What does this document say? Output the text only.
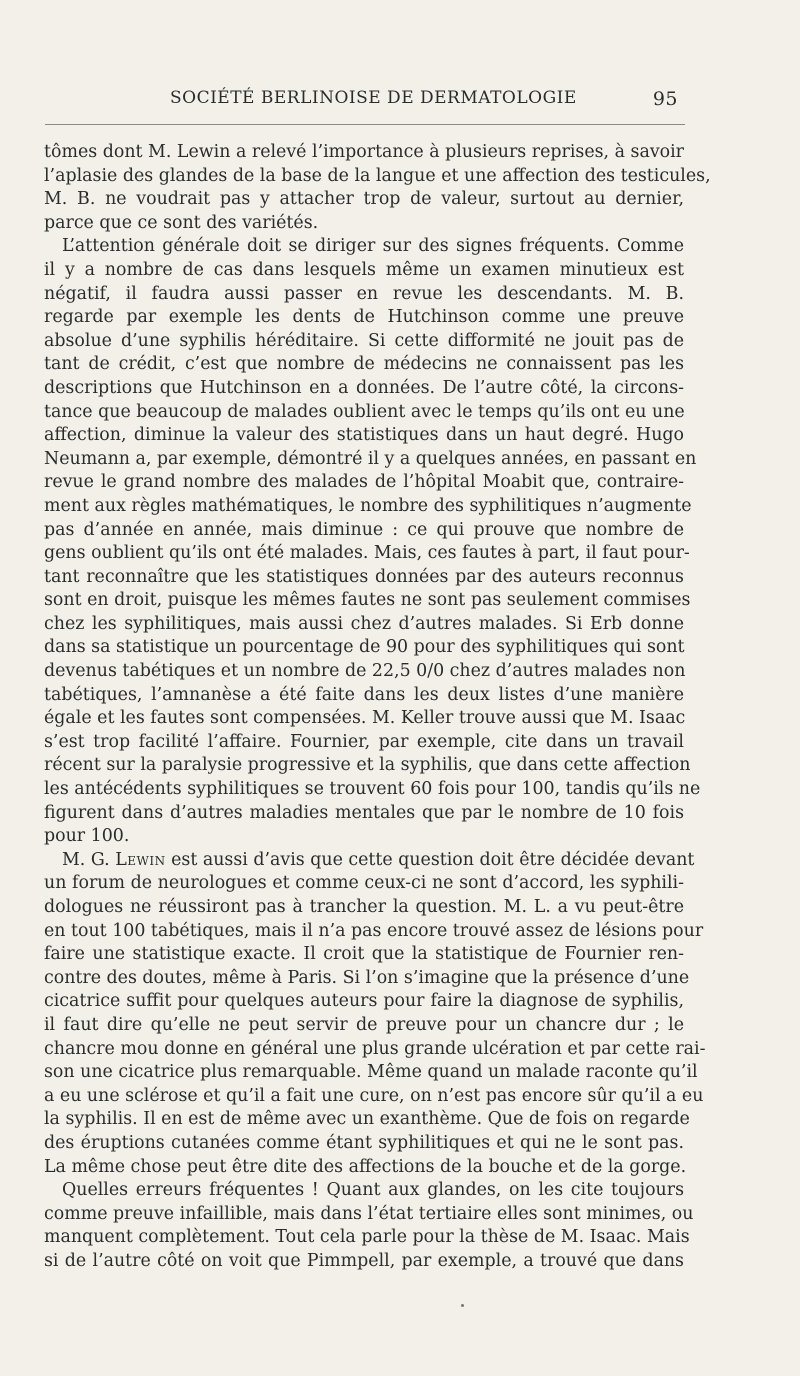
SOCIÉTÉ BERLINOISE DE DERMATOLOGIE	95
tômes dont M. Lewin a relevé l’importance à plusieurs reprises, à savoir
l’aplasie des glandes de la base de la langue et une affection des testicules,
M. B. ne voudrait pas y attacher trop de valeur, surtout au dernier,
parce que ce sont des variétés.
L’attention générale doit se diriger sur des signes fréquents. Comme
il y a nombre de cas dans lesquels même un examen minutieux est
négatif, il faudra aussi passer en revue les descendants. M. B.
regarde par exemple les dents de Hutchinson comme une preuve
absolue d’une syphilis héréditaire. Si cette difformité ne jouit pas de
tant de crédit, c’est que nombre de médecins ne connaissent pas les
descriptions que Hutchinson en a données. De l’autre côté, la circons-
tance que beaucoup de malades oublient avec le temps qu’ils ont eu une
affection, diminue la valeur des statistiques dans un haut degré. Hugo
Neumann a, par exemple, démontré il y a quelques années, en passant en
revue le grand nombre des malades de l’hôpital Moabit que, contraire-
ment aux règles mathématiques, le nombre des syphilitiques n’augmente
pas d’année en année, mais diminue : ce qui prouve que nombre de
gens oublient qu’ils ont été malades. Mais, ces fautes à part, il faut pour-
tant reconnaître que les statistiques données par des auteurs reconnus
sont en droit, puisque les mêmes fautes ne sont pas seulement commises
chez les syphilitiques, mais aussi chez d’autres malades. Si Erb donne
dans sa statistique un pourcentage de 90 pour des syphilitiques qui sont
devenus tabétiques et un nombre de 22,5 0/0 chez d’autres malades non
tabétiques, l’amnanèse a été faite dans les deux listes d’une manière
égale et les fautes sont compensées. M. Keller trouve aussi que M. Isaac
s’est trop facilité l’affaire. Fournier, par exemple, cite dans un travail
récent sur la paralysie progressive et la syphilis, que dans cette affection
les antécédents syphilitiques se trouvent 60 fois pour 100, tandis qu’ils ne
figurent dans d’autres maladies mentales que par le nombre de 10 fois
pour 100.
M. G. Lewin est aussi d’avis que cette question doit être décidée devant
un forum de neurologues et comme ceux-ci ne sont d’accord, les syphili-
dologues ne réussiront pas à trancher la question. M. L. a vu peut-être
en tout 100 tabétiques, mais il n’a pas encore trouvé assez de lésions pour
faire une statistique exacte. Il croit que la statistique de Fournier ren-
contre des doutes, même à Paris. Si l’on s’imagine que la présence d’une
cicatrice suffit pour quelques auteurs pour faire la diagnose de syphilis,
il faut dire qu’elle ne peut servir de preuve pour un chancre dur ; le
chancre mou donne en général une plus grande ulcération et par cette rai-
son une cicatrice plus remarquable. Même quand un malade raconte qu’il
a eu une sclérose et qu’il a fait une cure, on n’est pas encore sûr qu’il a eu
la syphilis. Il en est de même avec un exanthème. Que de fois on regarde
des éruptions cutanées comme étant syphilitiques et qui ne le sont pas.
La même chose peut être dite des affections de la bouche et de la gorge.
Quelles erreurs fréquentes ! Quant aux glandes, on les cite toujours
comme preuve infaillible, mais dans l’état tertiaire elles sont minimes, ou
manquent complètement. Tout cela parle pour la thèse de M. Isaac. Mais
si de l’autre côté on voit que Pimmpell, par exemple, a trouvé que dans
